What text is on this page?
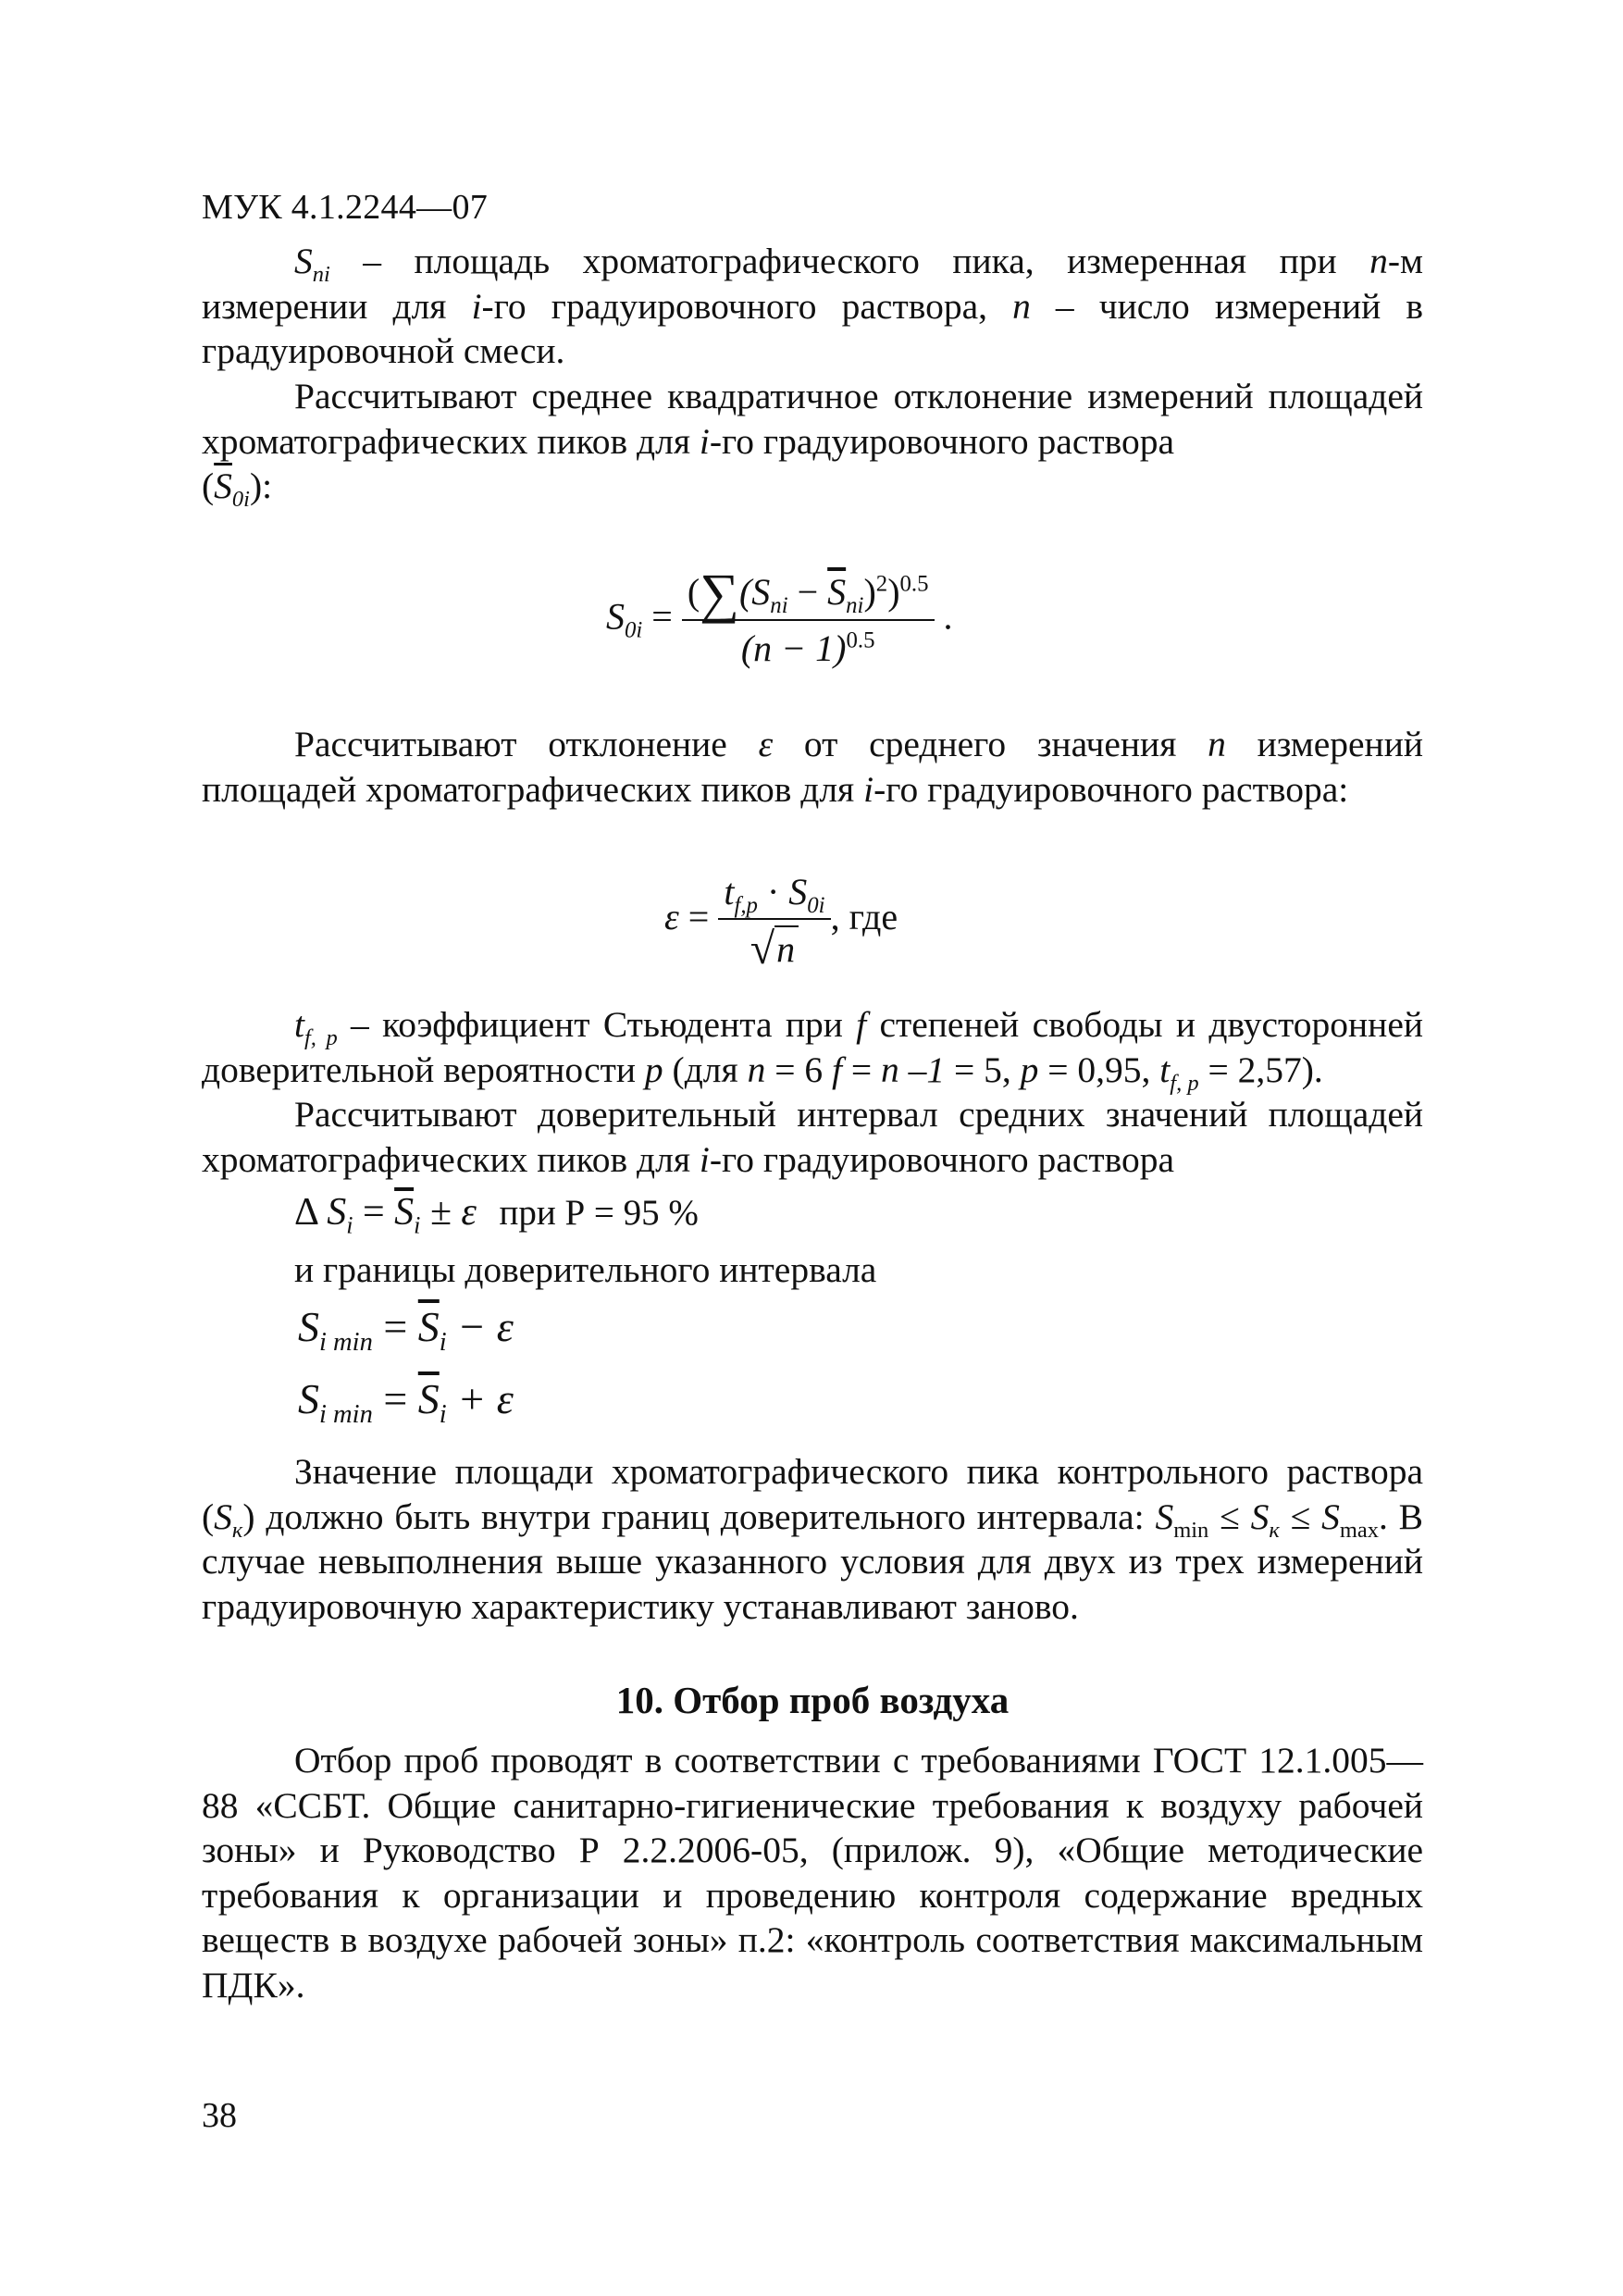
МУК 4.1.2244—07

$S_{ni}$ – площадь хроматографического пика, измеренная при n-м измерении для i-го градуировочного раствора, n – число измерений в градуировочной смеси.

Рассчитывают среднее квадратичное отклонение измерений площадей хроматографических пиков для i-го градуировочного раствора

$(\overline{S}_{0i})$:

$S_{0i} = \frac{(\sum(S_{ni} - \overline{S}_{ni})^2)^{0.5}}{(n - 1)^{0.5}}$ .

Рассчитывают отклонение ε от среднего значения n измерений площадей хроматографических пиков для i-го градуировочного раствора:

$\varepsilon = \frac{t_{f,p} \cdot S_{0i}}{√n}$ , где

$t_{f, p}$ – коэффициент Стьюдента при f степеней свободы и двусторонней доверительной вероятности p (для n = 6 f = n –1 = 5, p = 0,95, $t_{f, p} = 2,57$).

Рассчитывают доверительный интервал средних значений площадей хроматографических пиков для i-го градуировочного раствора

Δ $S_i = \overline{S}_i \pm \varepsilon$ при Р = 95 %

и границы доверительного интервала

$S_{i min} = \overline{S}_i - \varepsilon$
$S_{i min} = \overline{S}_i + \varepsilon$

Значение площади хроматографического пика контрольного раствора $(S_к)$ должно быть внутри границ доверительного интервала: $S_{min} \le S_к \le S_{max}$. В случае невыполнения выше указанного условия для двух из трех измерений градуировочную характеристику устанавливают заново.

10. Отбор проб воздуха

Отбор проб проводят в соответствии с требованиями ГОСТ 12.1.005—88 «ССБТ. Общие санитарно-гигиенические требования к воздуху рабочей зоны» и Руководство Р 2.2.2006-05, (прилож. 9), «Общие методические требования к организации и проведению контроля содержание вредных веществ в воздухе рабочей зоны» п.2: «контроль соответствия максимальным ПДК».

38
